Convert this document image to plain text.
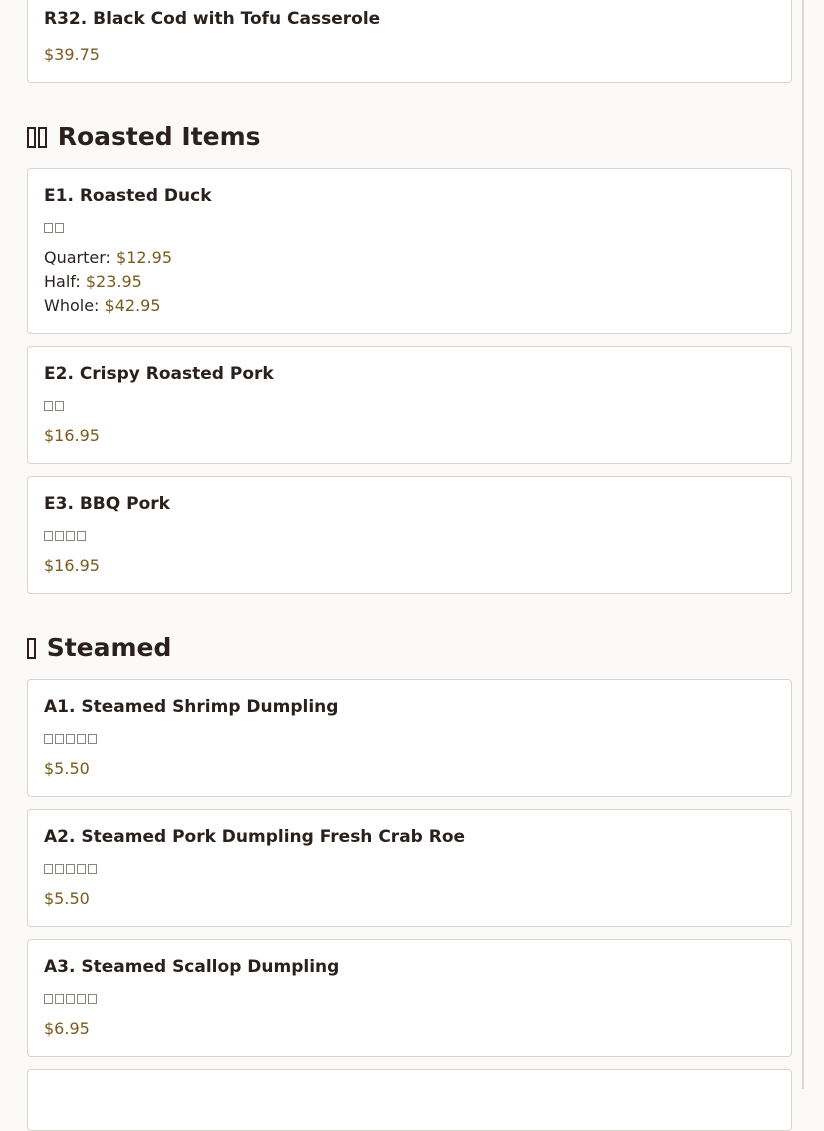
R32. Black Cod with Tofu Casserole
$39.75
Roasted Items
E1. Roasted Duck
Quarter: $12.95
Half: $23.95
Whole: $42.95
E2. Crispy Roasted Pork
$16.95
E3. BBQ Pork
$16.95
Steamed
A1. Steamed Shrimp Dumpling
$5.50
A2. Steamed Pork Dumpling Fresh Crab Roe
$5.50
A3. Steamed Scallop Dumpling
$6.95
